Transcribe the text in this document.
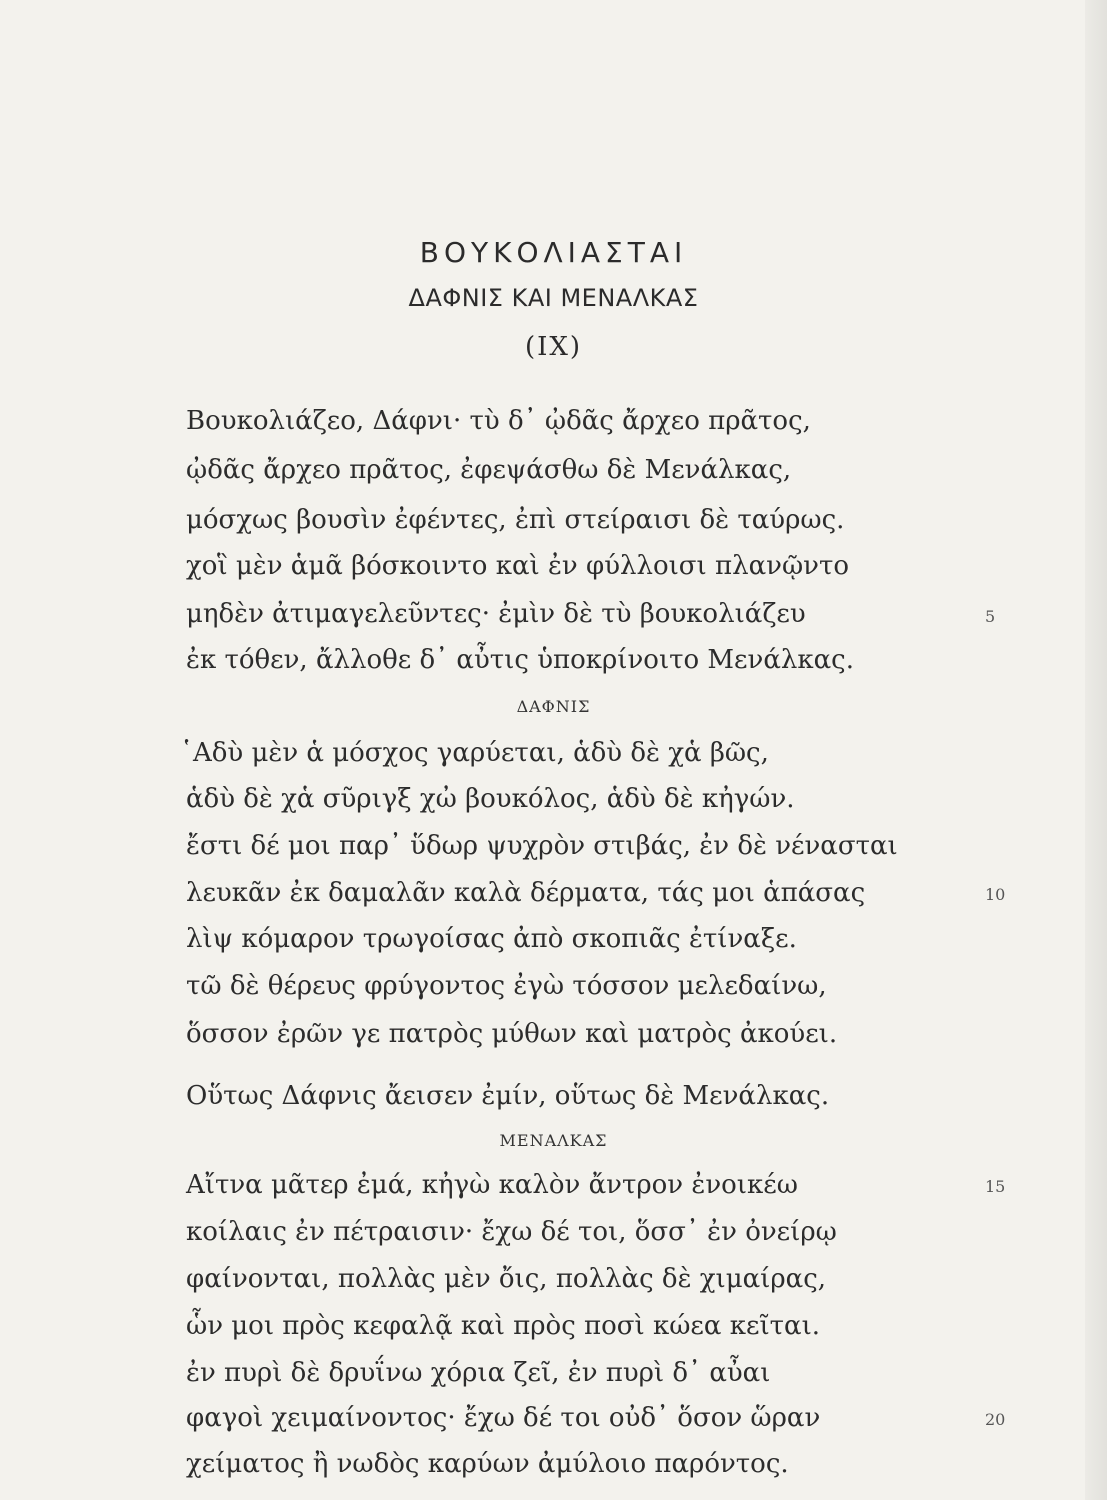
ΒΟΥΚΟΛΙΑΣΤΑΙ
ΔΑΦΝΙΣ ΚΑΙ ΜΕΝΑΛΚΑΣ
(IX)
Βουκολιάζεο, Δάφνι· τὺ δ᾽ ᾠδᾶς ἄρχεο πρᾶτος,
ᾠδᾶς ἄρχεο πρᾶτος, ἐφεψάσθω δὲ Μενάλκας,
μόσχως βουσὶν ἐφέντες, ἐπὶ στείραισι δὲ ταύρως.
χοἳ μὲν ἁμᾶ βόσκοιντο καὶ ἐν φύλλοισι πλανῷντο
μηδὲν ἀτιμαγελεῦντες· ἐμὶν δὲ τὺ βουκολιάζευ
ἐκ τόθεν, ἄλλοθε δ᾽ αὖτις ὑποκρίνοιτο Μενάλκας.
5
ΔΑΦΝΙΣ
῾Αδὺ μὲν ἁ μόσχος γαρύεται, ἁδὺ δὲ χἁ βῶς,
ἁδὺ δὲ χἁ σῦριγξ χὠ βουκόλος, ἁδὺ δὲ κἠγών.
ἔστι δέ μοι παρ᾽ ὕδωρ ψυχρὸν στιβάς, ἐν δὲ νένασται
λευκᾶν ἐκ δαμαλᾶν καλὰ δέρματα, τάς μοι ἁπάσας
λὶψ κόμαρον τρωγοίσας ἀπὸ σκοπιᾶς ἐτίναξε.
τῶ δὲ θέρευς φρύγοντος ἐγὼ τόσσον μελεδαίνω,
ὅσσον ἐρῶν γε πατρὸς μύθων καὶ ματρὸς ἀκούει.
10
Οὕτως Δάφνις ἄεισεν ἐμίν, οὕτως δὲ Μενάλκας.
ΜΕΝΑΛΚΑΣ
Αἴτνα μᾶτερ ἐμά, κἠγὼ καλὸν ἄντρον ἐνοικέω
κοίλαις ἐν πέτραισιν· ἔχω δέ τοι, ὅσσ᾽ ἐν ὀνείρῳ
φαίνονται, πολλὰς μὲν ὄις, πολλὰς δὲ χιμαίρας,
ὧν μοι πρὸς κεφαλᾷ καὶ πρὸς ποσὶ κώεα κεῖται.
ἐν πυρὶ δὲ δρυΐνω χόρια ζεῖ, ἐν πυρὶ δ᾽ αὖαι
φαγοὶ χειμαίνοντος· ἔχω δέ τοι οὐδ᾽ ὅσον ὥραν
χείματος ἢ νωδὸς καρύων ἀμύλοιο παρόντος.
15
20
